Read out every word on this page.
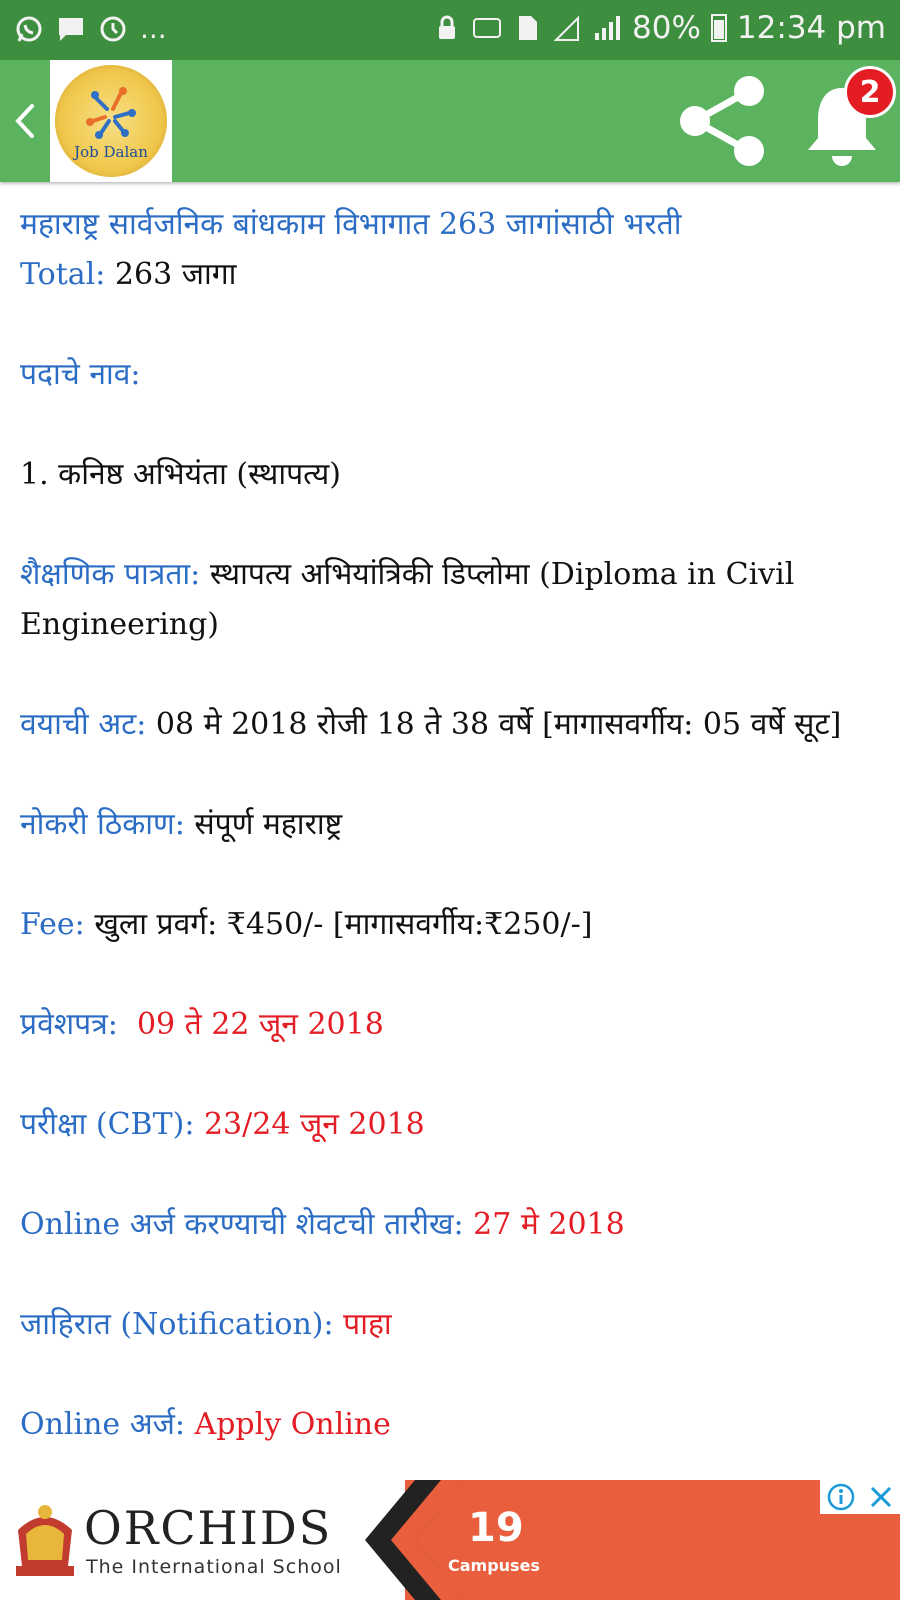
...	80% 12:34 pm
Job Dalan
2

महाराष्ट्र सार्वजनिक बांधकाम विभागात 263 जागांसाठी भरती

Total: 263 जागा

पदाचे नाव:

1. कनिष्ठ अभियंता (स्थापत्य)

शैक्षणिक पात्रता: स्थापत्य अभियांत्रिकी डिप्लोमा (Diploma in Civil Engineering)

वयाची अट: 08 मे 2018 रोजी 18 ते 38 वर्षे [मागासवर्गीय: 05 वर्षे सूट]

नोकरी ठिकाण: संपूर्ण महाराष्ट्र

Fee: खुला प्रवर्ग: ₹450/- [मागासवर्गीय:₹250/-]

प्रवेशपत्र: 09 ते 22 जून 2018

परीक्षा (CBT): 23/24 जून 2018

Online अर्ज करण्याची शेवटची तारीख: 27 मे 2018

जाहिरात (Notification): पाहा

Online अर्ज: Apply Online

ORCHIDS
The International School
19
Campuses
